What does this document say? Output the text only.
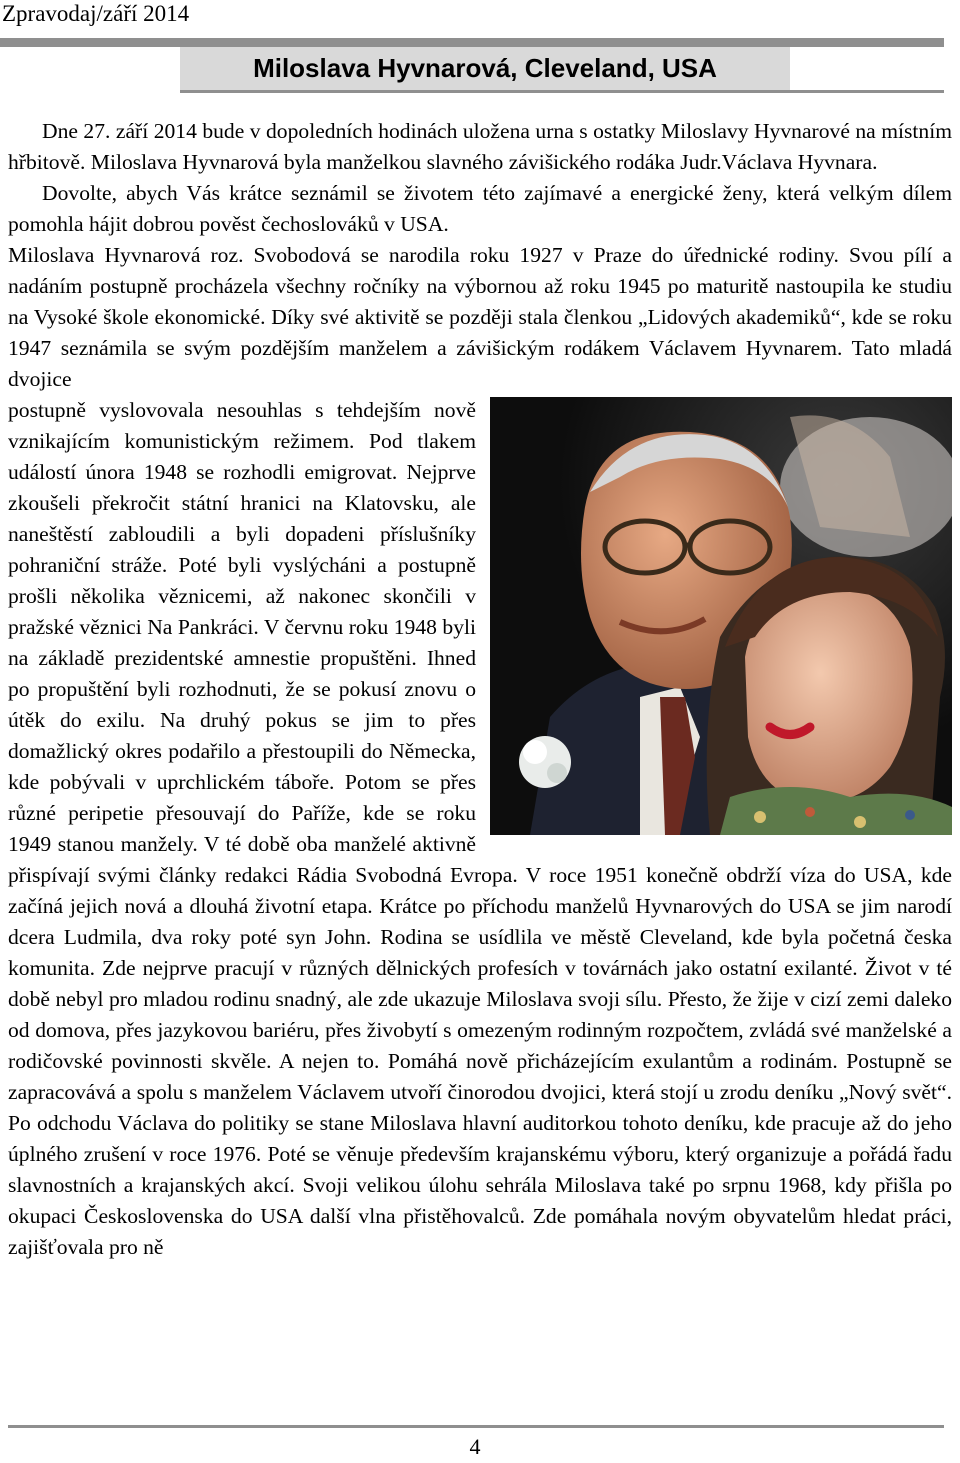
Zpravodaj/září 2014
Miloslava Hyvnarová, Cleveland, USA

Dne 27. září 2014 bude v dopoledních hodinách uložena urna s ostatky Miloslavy Hyvnarové na místním hřbitově. Miloslava Hyvnarová byla manželkou slavného závišického rodáka Judr.Václava Hyvnara.

Dovolte, abych Vás krátce seznámil se životem této zajímavé a energické ženy, která velkým dílem pomohla hájit dobrou pověst čechoslováků v USA.

Miloslava Hyvnarová roz. Svobodová se narodila roku 1927 v Praze do úřednické rodiny. Svou pílí a nadáním postupně procházela všechny ročníky na výbornou až roku 1945 po maturitě nastoupila ke studiu na Vysoké škole ekonomické. Díky své aktivitě se později stala členkou „Lidových akademiků“, kde se roku 1947 seznámila se svým pozdějším manželem a závišickým rodákem Václavem Hyvnarem. Tato mladá dvojice

postupně vyslovovala nesouhlas s tehdejším nově vznikajícím komunistickým režimem. Pod tlakem událostí února 1948 se rozhodli emigrovat. Nejprve zkoušeli překročit státní hranici na Klatovsku, ale naneštěstí zabloudili a byli dopadeni příslušníky pohraniční stráže. Poté byli vyslýcháni a postupně prošli několika věznicemi, až nakonec skončili v pražské věznici Na Pankráci. V červnu roku 1948 byli na základě prezidentské amnestie propuštěni. Ihned po propuštění byli rozhodnuti, že se pokusí znovu o útěk do exilu. Na druhý pokus se jim to přes domažlický okres podařilo a přestoupili do Německa, kde pobývali v uprchlickém táboře. Potom se přes různé peripetie přesouvají do Paříže, kde se roku 1949 stanou manžely. V té době oba manželé aktivně přispívají svými články redakci Rádia Svobodná Evropa. V roce 1951 konečně obdrží víza do USA, kde začíná jejich nová a dlouhá životní etapa. Krátce po příchodu manželů Hyvnarových do USA se jim narodí dcera Ludmila, dva roky poté syn John. Rodina se usídlila ve městě Cleveland, kde byla početná česka komunita. Zde nejprve pracují v různých dělnických profesích v továrnách jako ostatní exilanté. Život v té době nebyl pro mladou rodinu snadný, ale zde ukazuje Miloslava svoji sílu. Přesto, že žije v cizí zemi daleko od domova, přes jazykovou bariéru, přes živobytí s omezeným rodinným rozpočtem, zvládá své manželské a rodičovské povinnosti skvěle. A nejen to. Pomáhá nově přicházejícím exulantům a rodinám. Postupně se zapracovává a spolu s manželem Václavem utvoří činorodou dvojici, která stojí u zrodu deníku „Nový svět“. Po odchodu Václava do politiky se stane Miloslava hlavní auditorkou tohoto deníku, kde pracuje až do jeho úplného zrušení v roce 1976. Poté se věnuje především krajanskému výboru, který organizuje a pořádá řadu slavnostních a krajanských akcí. Svoji velikou úlohu sehrála Miloslava také po srpnu 1968, kdy přišla po okupaci Československa do USA další vlna přistěhovalců. Zde pomáhala novým obyvatelům hledat práci, zajišťovala pro ně

4
